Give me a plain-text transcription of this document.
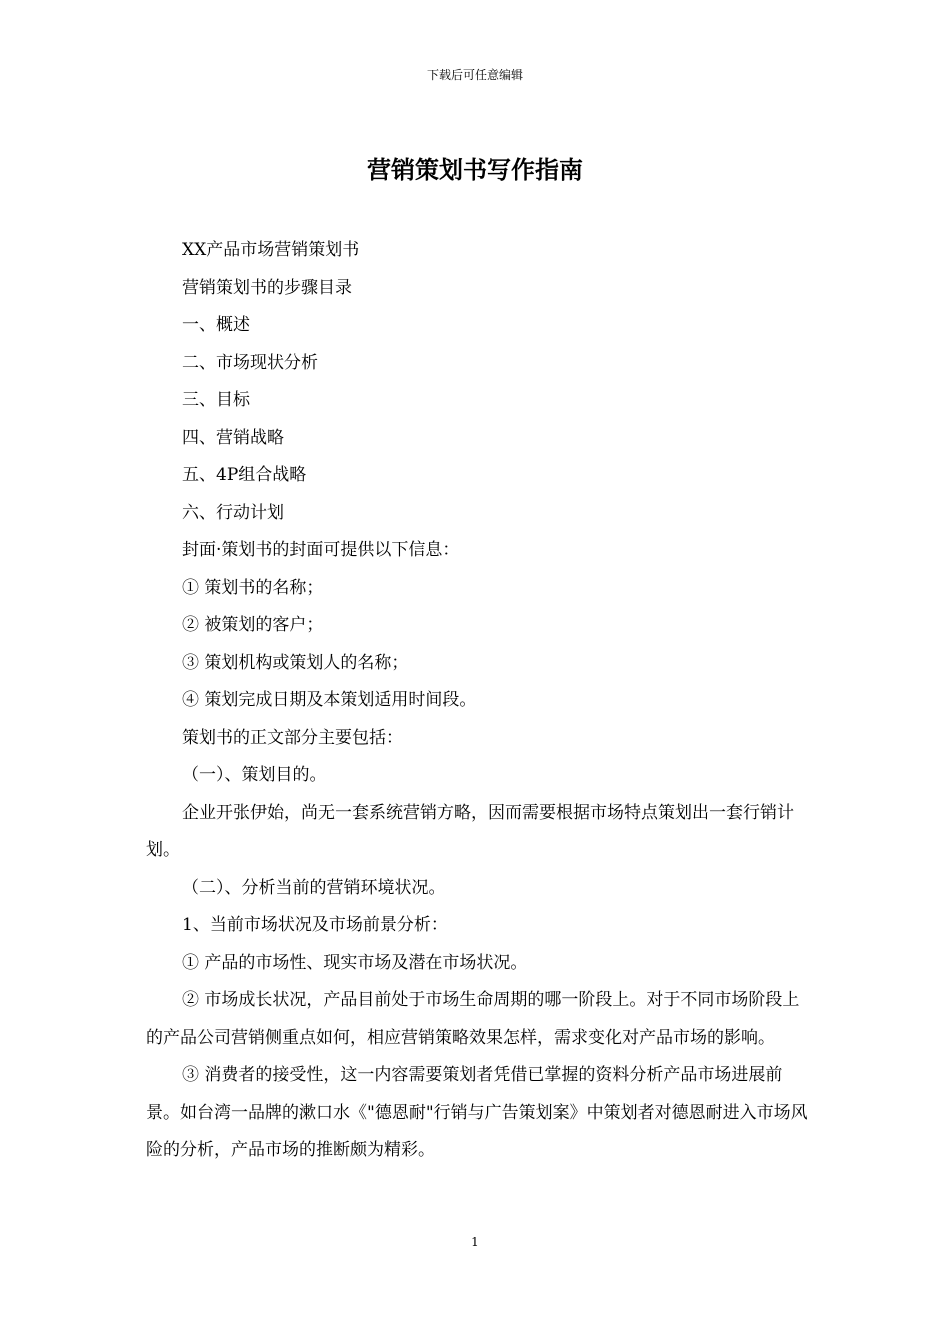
下载后可任意编辑
营销策划书写作指南

XX产品市场营销策划书

营销策划书的步骤目录

一、概述

二、市场现状分析

三、目标

四、营销战略

五、4P组合战略

六、行动计划

封面·策划书的封面可提供以下信息：

① 策划书的名称；

② 被策划的客户；

③ 策划机构或策划人的名称；

④ 策划完成日期及本策划适用时间段。

策划书的正文部分主要包括：

（一）、策划目的。

企业开张伊始，尚无一套系统营销方略，因而需要根据市场特点策划出一套行销计划。

（二）、分析当前的营销环境状况。

1、当前市场状况及市场前景分析：

① 产品的市场性、现实市场及潜在市场状况。

② 市场成长状况，产品目前处于市场生命周期的哪一阶段上。对于不同市场阶段上的产品公司营销侧重点如何，相应营销策略效果怎样，需求变化对产品市场的影响。

③ 消费者的接受性，这一内容需要策划者凭借已掌握的资料分析产品市场进展前景。如台湾一品牌的漱口水《"德恩耐"行销与广告策划案》中策划者对德恩耐进入市场风险的分析，产品市场的推断颇为精彩。

1
